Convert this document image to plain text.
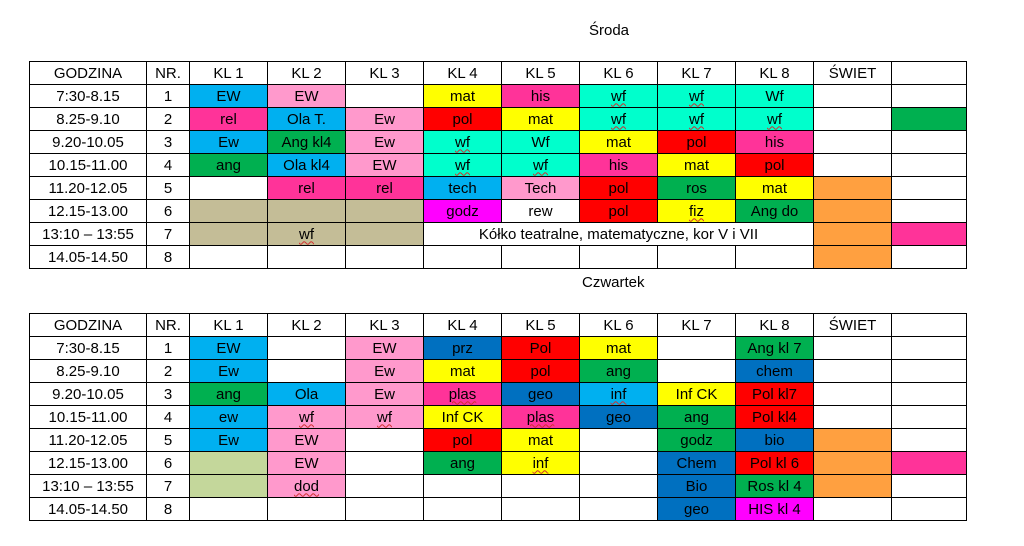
Środa
GODZINA	NR.	KL 1	KL 2	KL 3	KL 4	KL 5	KL 6	KL 7	KL 8	ŚWIET	
7:30-8.15	1	EW	EW		mat	his	wf	wf	Wf		
8.25-9.10	2	rel	Ola T.	Ew	pol	mat	wf	wf	wf		
9.20-10.05	3	Ew	Ang kl4	Ew	wf	Wf	mat	pol	his		
10.15-11.00	4	ang	Ola kl4	EW	wf	wf	his	mat	pol		
11.20-12.05	5		rel	rel	tech	Tech	pol	ros	mat		
12.15-13.00	6				godz	rew	pol	fiz	Ang do		
13:10 – 13:55	7		wf		Kółko teatralne, matematyczne, kor V i VII						
14.05-14.50	8										
Czwartek
GODZINA	NR.	KL 1	KL 2	KL 3	KL 4	KL 5	KL 6	KL 7	KL 8	ŚWIET	
7:30-8.15	1	EW		EW	prz	Pol	mat		Ang kl 7		
8.25-9.10	2	Ew		Ew	mat	pol	ang		chem		
9.20-10.05	3	ang	Ola	Ew	plas	geo	inf	Inf CK	Pol kl7		
10.15-11.00	4	ew	wf	wf	Inf CK	plas	geo	ang	Pol kl4		
11.20-12.05	5	Ew	EW		pol	mat		godz	bio		
12.15-13.00	6		EW		ang	inf		Chem	Pol kl 6		
13:10 – 13:55	7		dod					Bio	Ros kl 4		
14.05-14.50	8							geo	HIS kl 4		
